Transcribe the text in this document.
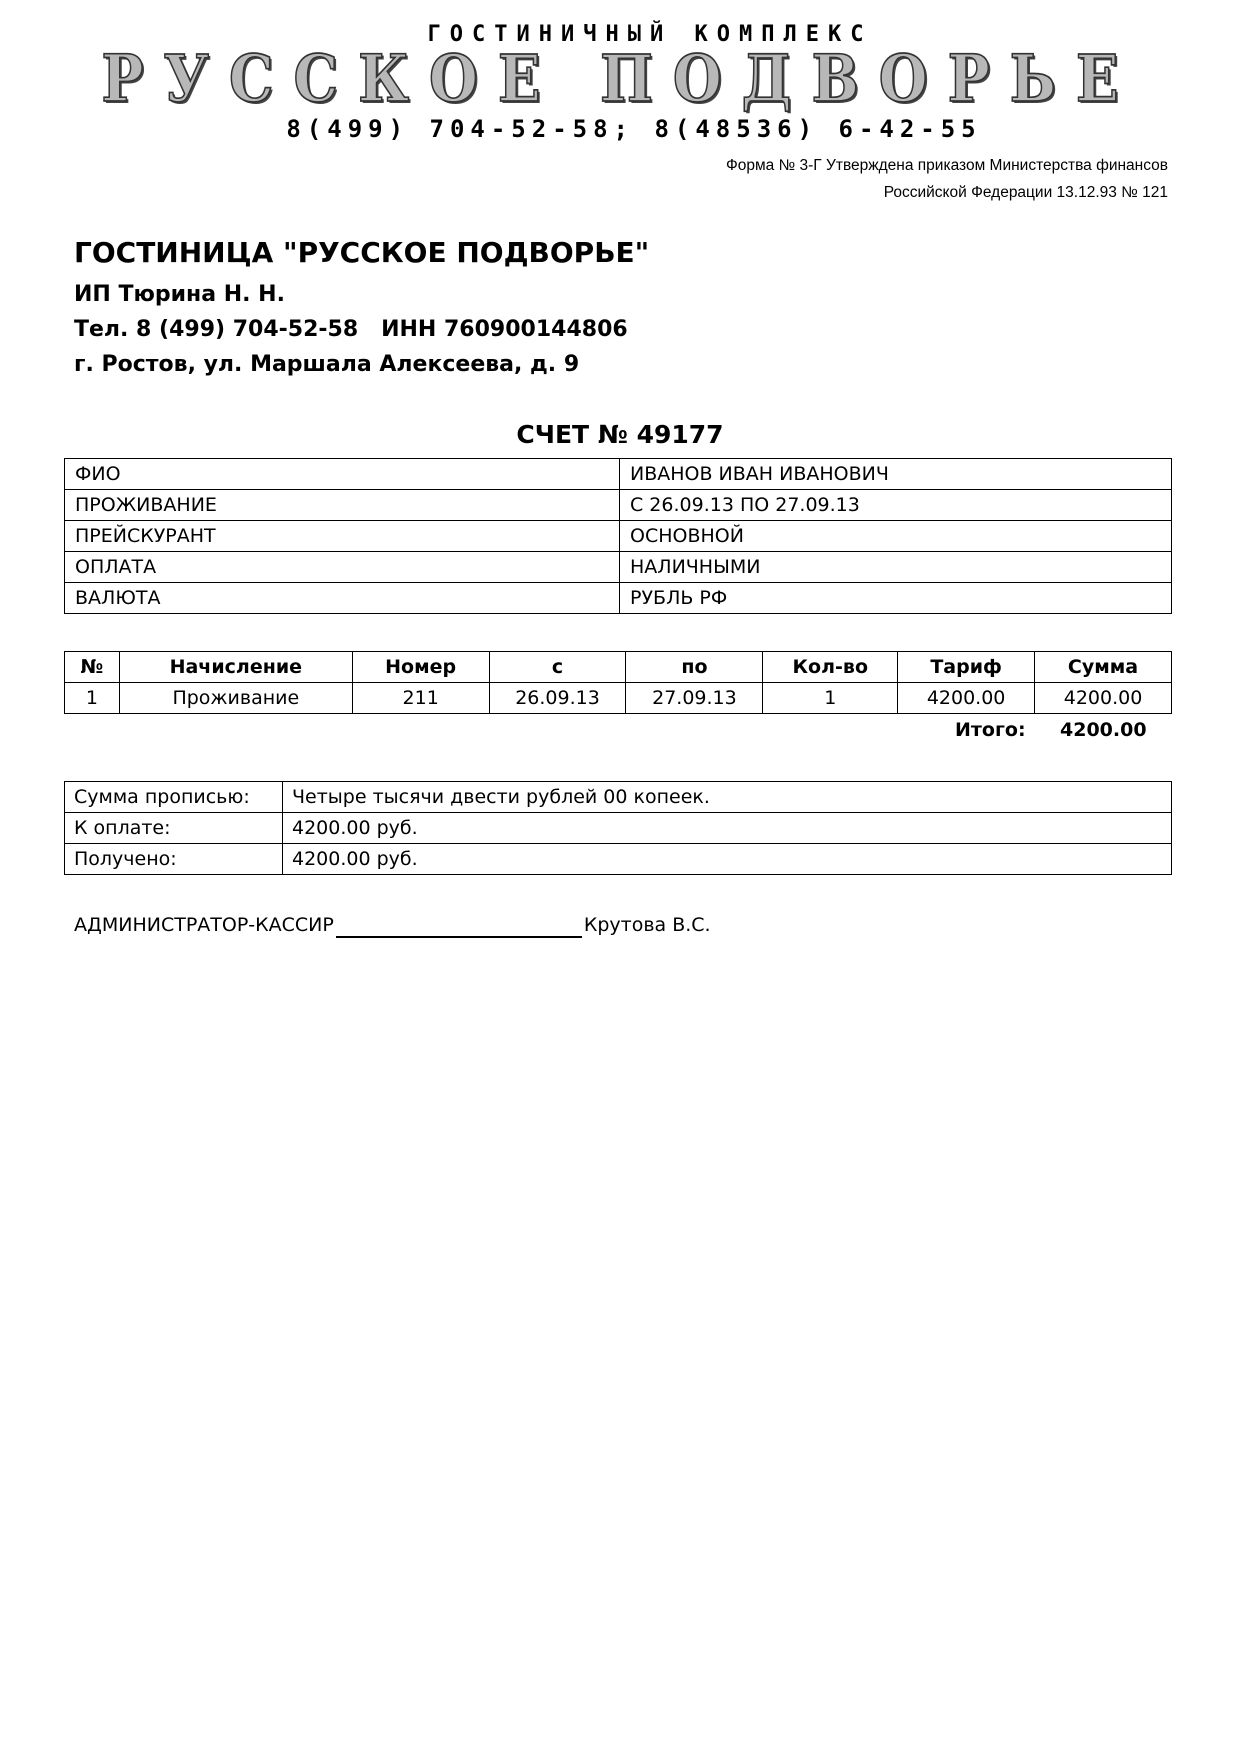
ГОСТИНИЧНЫЙ КОМПЛЕКС
РУССКОЕ ПОДВОРЬЕ
8(499) 704-52-58; 8(48536) 6-42-55
Форма № 3-Г Утверждена приказом Министерства финансов
Российской Федерации 13.12.93 № 121
ГОСТИНИЦА "РУССКОЕ ПОДВОРЬЕ"
ИП Тюрина Н. Н.
Тел. 8 (499) 704-52-58   ИНН 760900144806
г. Ростов, ул. Маршала Алексеева, д. 9
СЧЕТ № 49177
ФИО	ИВАНОВ ИВАН ИВАНОВИЧ
ПРОЖИВАНИЕ	С 26.09.13 ПО 27.09.13
ПРЕЙСКУРАНТ	ОСНОВНОЙ
ОПЛАТА	НАЛИЧНЫМИ
ВАЛЮТА	РУБЛЬ РФ
№	Начисление	Номер	с	по	Кол-во	Тариф	Сумма
1	Проживание	211	26.09.13	27.09.13	1	4200.00	4200.00
Итого: 4200.00
Сумма прописью:	Четыре тысячи двести рублей 00 копеек.
К оплате:	4200.00 руб.
Получено:	4200.00 руб.
АДМИНИСТРАТОР-КАССИР	Крутова В.С.
